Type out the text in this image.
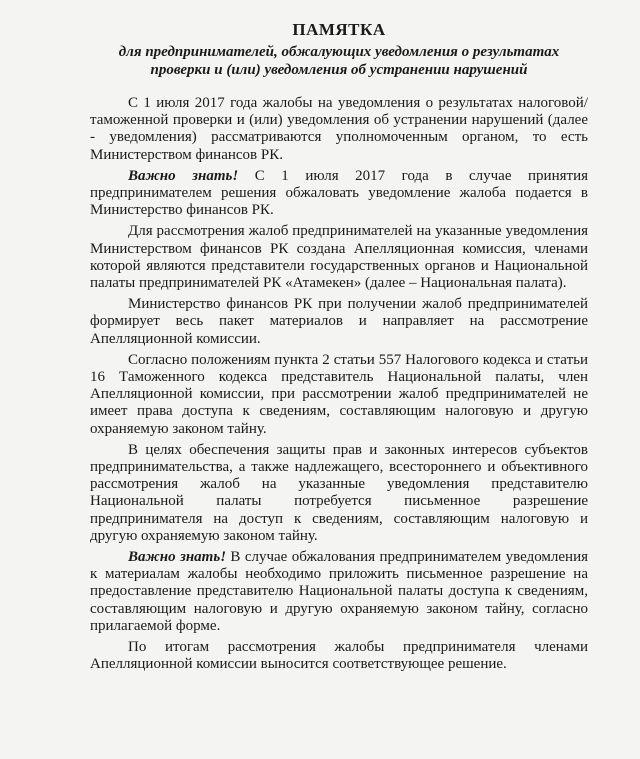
ПАМЯТКА
для предпринимателей, обжалующих уведомления о результатах
проверки и (или) уведомления об устранении нарушений

С 1 июля 2017 года жалобы на уведомления о результатах налоговой/таможенной проверки и (или) уведомления об устранении нарушений (далее - уведомления) рассматриваются уполномоченным органом, то есть Министерством финансов РК.

Важно знать! С 1 июля 2017 года в случае принятия предпринимателем решения обжаловать уведомление жалоба подается в Министерство финансов РК.

Для рассмотрения жалоб предпринимателей на указанные уведомления Министерством финансов РК создана Апелляционная комиссия, членами которой являются представители государственных органов и Национальной палаты предпринимателей РК «Атамекен» (далее – Национальная палата).

Министерство финансов РК при получении жалоб предпринимателей формирует весь пакет материалов и направляет на рассмотрение Апелляционной комиссии.

Согласно положениям пункта 2 статьи 557 Налогового кодекса и статьи 16 Таможенного кодекса представитель Национальной палаты, член Апелляционной комиссии, при рассмотрении жалоб предпринимателей не имеет права доступа к сведениям, составляющим налоговую и другую охраняемую законом тайну.

В целях обеспечения защиты прав и законных интересов субъектов предпринимательства, а также надлежащего, всестороннего и объективного рассмотрения жалоб на указанные уведомления представителю Национальной палаты потребуется письменное разрешение предпринимателя на доступ к сведениям, составляющим налоговую и другую охраняемую законом тайну.

Важно знать! В случае обжалования предпринимателем уведомления к материалам жалобы необходимо приложить письменное разрешение на предоставление представителю Национальной палаты доступа к сведениям, составляющим налоговую и другую охраняемую законом тайну, согласно прилагаемой форме.

По итогам рассмотрения жалобы предпринимателя членами Апелляционной комиссии выносится соответствующее решение.
